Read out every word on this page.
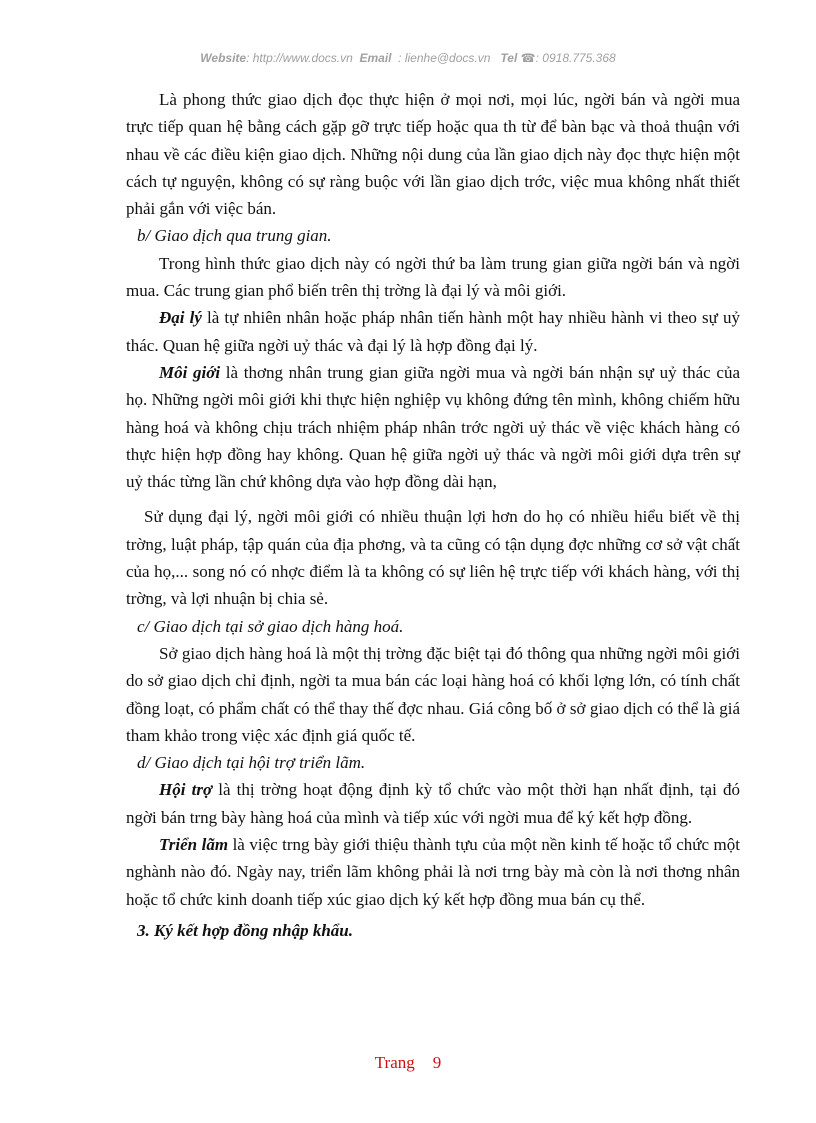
Website: http://www.docs.vn Email : lienhe@docs.vn Tel ☎: 0918.775.368

Là phong thức giao dịch đọc thực hiện ở mọi nơi, mọi lúc, ngời bán và ngời mua trực tiếp quan hệ bằng cách gặp gỡ trực tiếp hoặc qua th từ để bàn bạc và thoả thuận với nhau về các điều kiện giao dịch. Những nội dung của lần giao dịch này đọc thực hiện một cách tự nguyện, không có sự ràng buộc với lần giao dịch trớc, việc mua không nhất thiết phải gắn với việc bán.

b/ Giao dịch qua trung gian.

Trong hình thức giao dịch này có ngời thứ ba làm trung gian giữa ngời bán và ngời mua. Các trung gian phổ biến trên thị trờng là đại lý và môi giới.

Đại lý là tự nhiên nhân hoặc pháp nhân tiến hành một hay nhiều hành vi theo sự uỷ thác. Quan hệ giữa ngời uỷ thác và đại lý là hợp đồng đại lý.

Môi giới là thơng nhân trung gian giữa ngời mua và ngời bán nhận sự uỷ thác của họ. Những ngời môi giới khi thực hiện nghiệp vụ không đứng tên mình, không chiếm hữu hàng hoá và không chịu trách nhiệm pháp nhân trớc ngời uỷ thác về việc khách hàng có thực hiện hợp đồng hay không. Quan hệ giữa ngời uỷ thác và ngời môi giới dựa trên sự uỷ thác từng lần chứ không dựa vào hợp đồng dài hạn,

Sử dụng đại lý, ngời môi giới có nhiều thuận lợi hơn do họ có nhiều hiểu biết về thị trờng, luật pháp, tập quán của địa phơng, và ta cũng có tận dụng đợc những cơ sở vật chất của họ,... song nó có nhợc điểm là ta không có sự liên hệ trực tiếp với khách hàng, với thị trờng, và lợi nhuận bị chia sẻ.

c/ Giao dịch tại sở giao dịch hàng hoá.

Sở giao dịch hàng hoá là một thị trờng đặc biệt tại đó thông qua những ngời môi giới do sở giao dịch chỉ định, ngời ta mua bán các loại hàng hoá có khối lợng lớn, có tính chất đồng loạt, có phẩm chất có thể thay thế đợc nhau. Giá công bố ở sở giao dịch có thể là giá tham khảo trong việc xác định giá quốc tế.

d/ Giao dịch tại hội trợ triển lãm.

Hội trợ là thị trờng hoạt động định kỳ tổ chức vào một thời hạn nhất định, tại đó ngời bán trng bày hàng hoá của mình và tiếp xúc với ngời mua để ký kết hợp đồng.

Triển lãm là việc trng bày giới thiệu thành tựu của một nền kinh tế hoặc tổ chức một nghành nào đó. Ngày nay, triển lãm không phải là nơi trng bày mà còn là nơi thơng nhân hoặc tổ chức kinh doanh tiếp xúc giao dịch ký kết hợp đồng mua bán cụ thể.

3. Ký kết hợp đồng nhập khẩu.

Trang 9
